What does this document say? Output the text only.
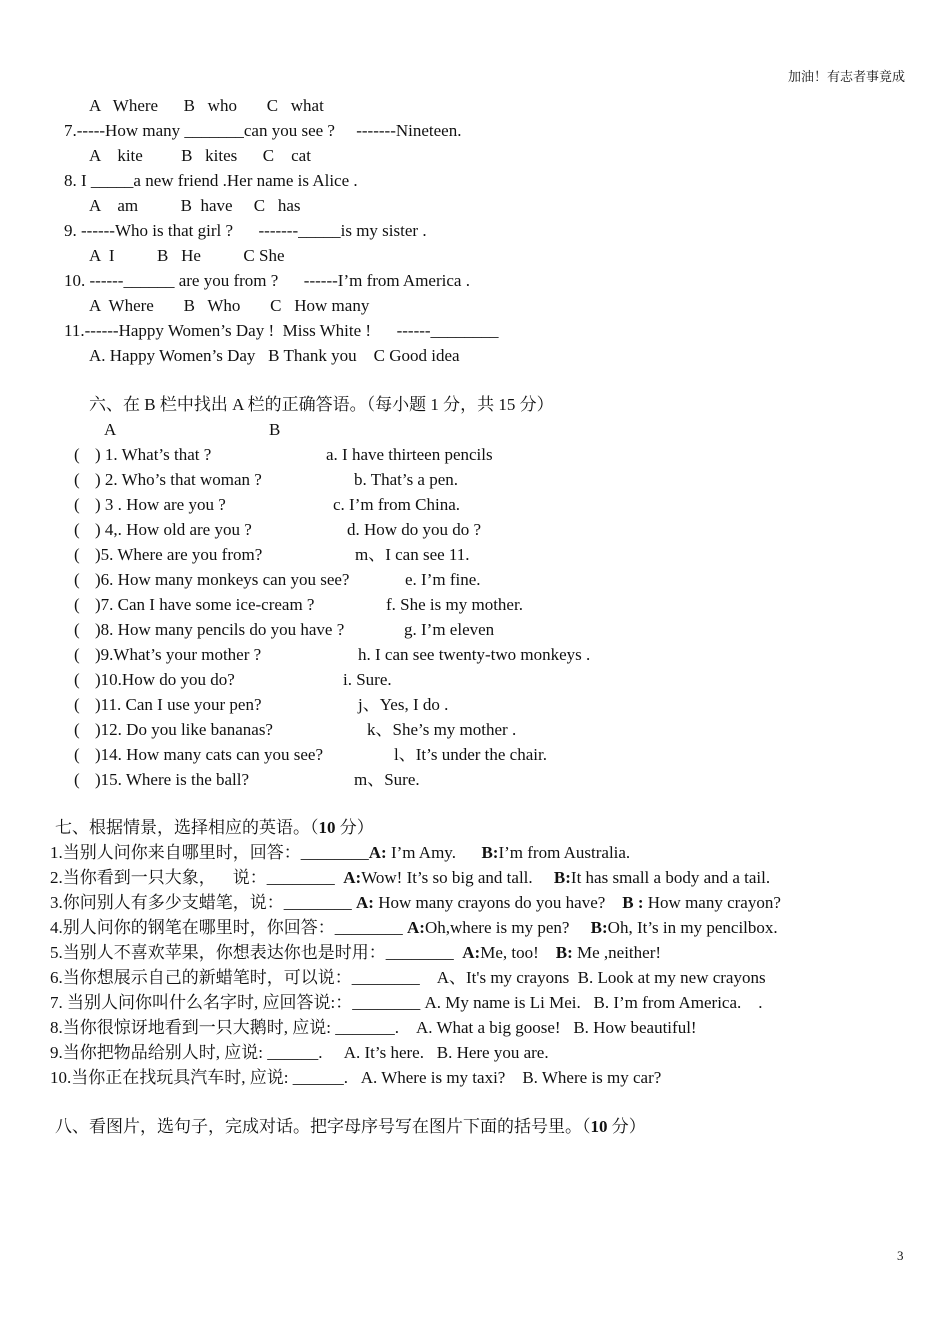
加油！有志者事竟成
A   Where      B   who       C   what
7.-----How many _______can you see ?     -------Nineteen.
A    kite         B   kites      C    cat
8. I _____a new friend .Her name is Alice .
A    am          B  have     C   has
9. ------Who is that girl ?      -------_____is my sister .
A  I          B   He          C She
10. ------______ are you from ?      ------I’m from America .
A  Where       B   Who       C   How many
11.------Happy Women’s Day !  Miss White !      ------________
A. Happy Women’s Day   B Thank you    C Good idea
六、在 B 栏中找出 A 栏的正确答语。（每小题 1 分，共 15 分）
A	B
( ) 1. What’s that ?	a. I have thirteen pencils
( ) 2. Who’s that woman ?	b. That’s a pen.
( ) 3 . How are you ?	c. I’m from China.
( ) 4,. How old are you ?	d. How do you do ?
( )5. Where are you from?	m、I can see 11.
( )6. How many monkeys can you see?	e. I’m fine.
( )7. Can I have some ice-cream ?	f. She is my mother.
( )8. How many pencils do you have ?	g. I’m eleven
( )9.What’s your mother ?	h. I can see twenty-two monkeys .
( )10.How do you do?	i. Sure.
( )11. Can I use your pen?	j、Yes, I do .
( )12. Do you like bananas?	k、She’s my mother .
( )14. How many cats can you see?	l、It’s under the chair.
( )15. Where is the ball?	m、Sure.
七、根据情景，选择相应的英语。（10 分）
1.当别人问你来自哪里时，回答：________A: I’m Amy.      B:I’m from Australia.
2.当你看到一只大象，    说：________  A:Wow! It’s so big and tall.     B:It has small a body and a tail.
3.你问别人有多少支蜡笔，说：________ A: How many crayons do you have?    B : How many crayon?
4.别人问你的钢笔在哪里时，你回答：________ A:Oh,where is my pen?     B:Oh, It’s in my pencilbox.
5.当别人不喜欢苹果，你想表达你也是时用：________  A:Me, too!    B: Me ,neither!
6.当你想展示自己的新蜡笔时，可以说：________    A、It's my crayons  B. Look at my new crayons
7. 当别人问你叫什么名字时, 应回答说:：________ A. My name is Li Mei.   B. I’m from America.    .
8.当你很惊讶地看到一只大鹅时, 应说: _______.    A. What a big goose!   B. How beautiful!
9.当你把物品给别人时, 应说: ______.     A. It’s here.   B. Here you are.
10.当你正在找玩具汽车时, 应说: ______.   A. Where is my taxi?    B. Where is my car?
八、看图片，选句子，完成对话。把字母序号写在图片下面的括号里。（10 分）
3
